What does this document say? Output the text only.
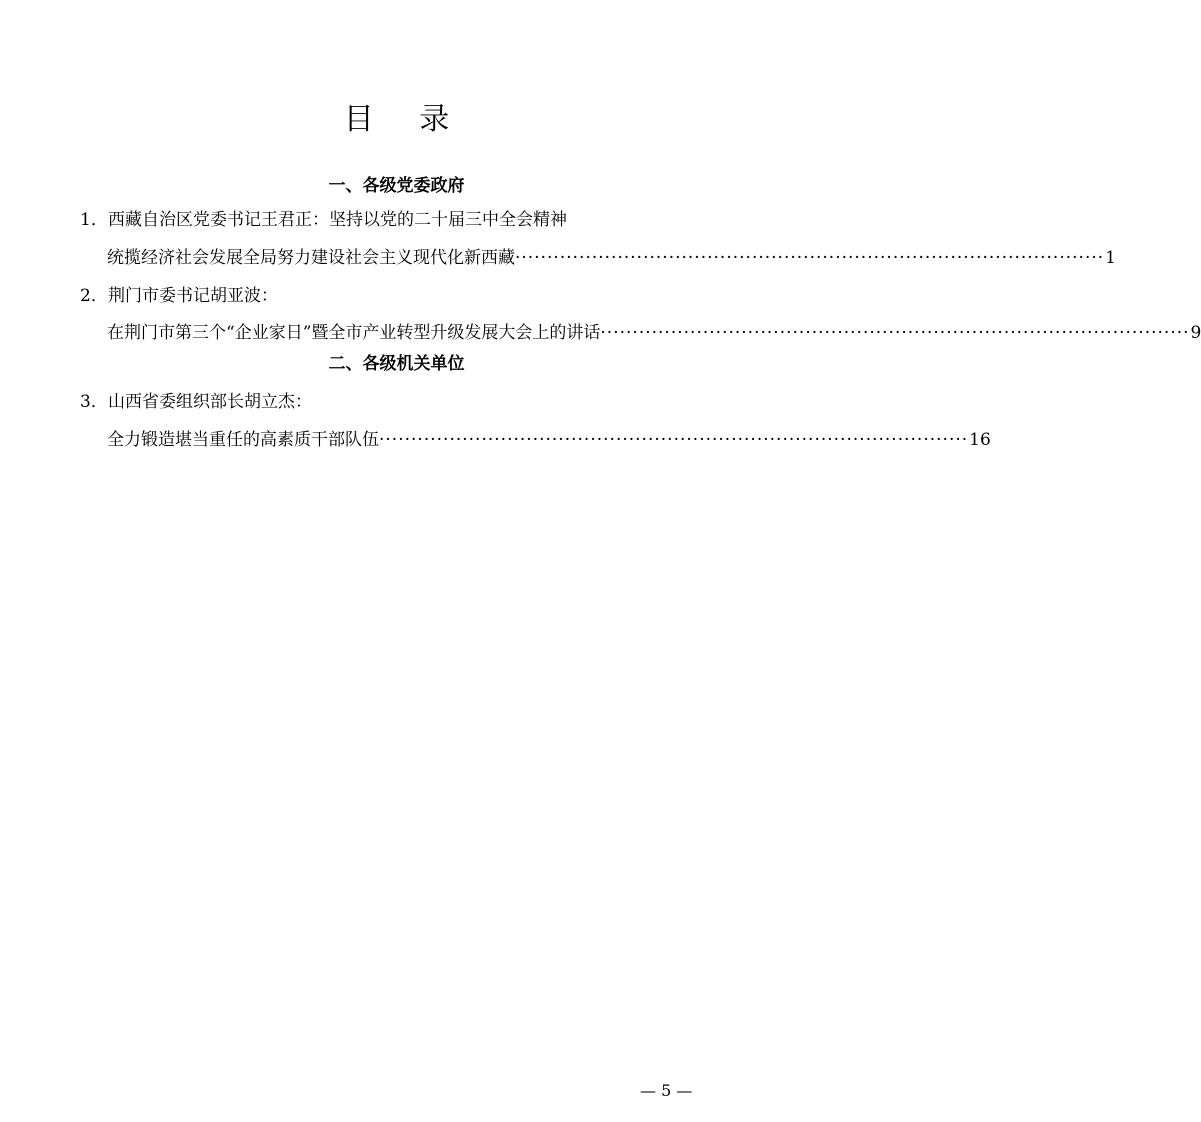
目 录
一、各级党委政府
1．西藏自治区党委书记王君正：坚持以党的二十届三中全会精神
统揽经济社会发展全局努力建设社会主义现代化新西藏 ···························································································· 1
2．荆门市委书记胡亚波：
在荆门市第三个“企业家日”暨全市产业转型升级发展大会上的讲话 ···························································································· 9
二、各级机关单位
3．山西省委组织部长胡立杰：
全力锻造堪当重任的高素质干部队伍 ···························································································· 16
— 5 —
